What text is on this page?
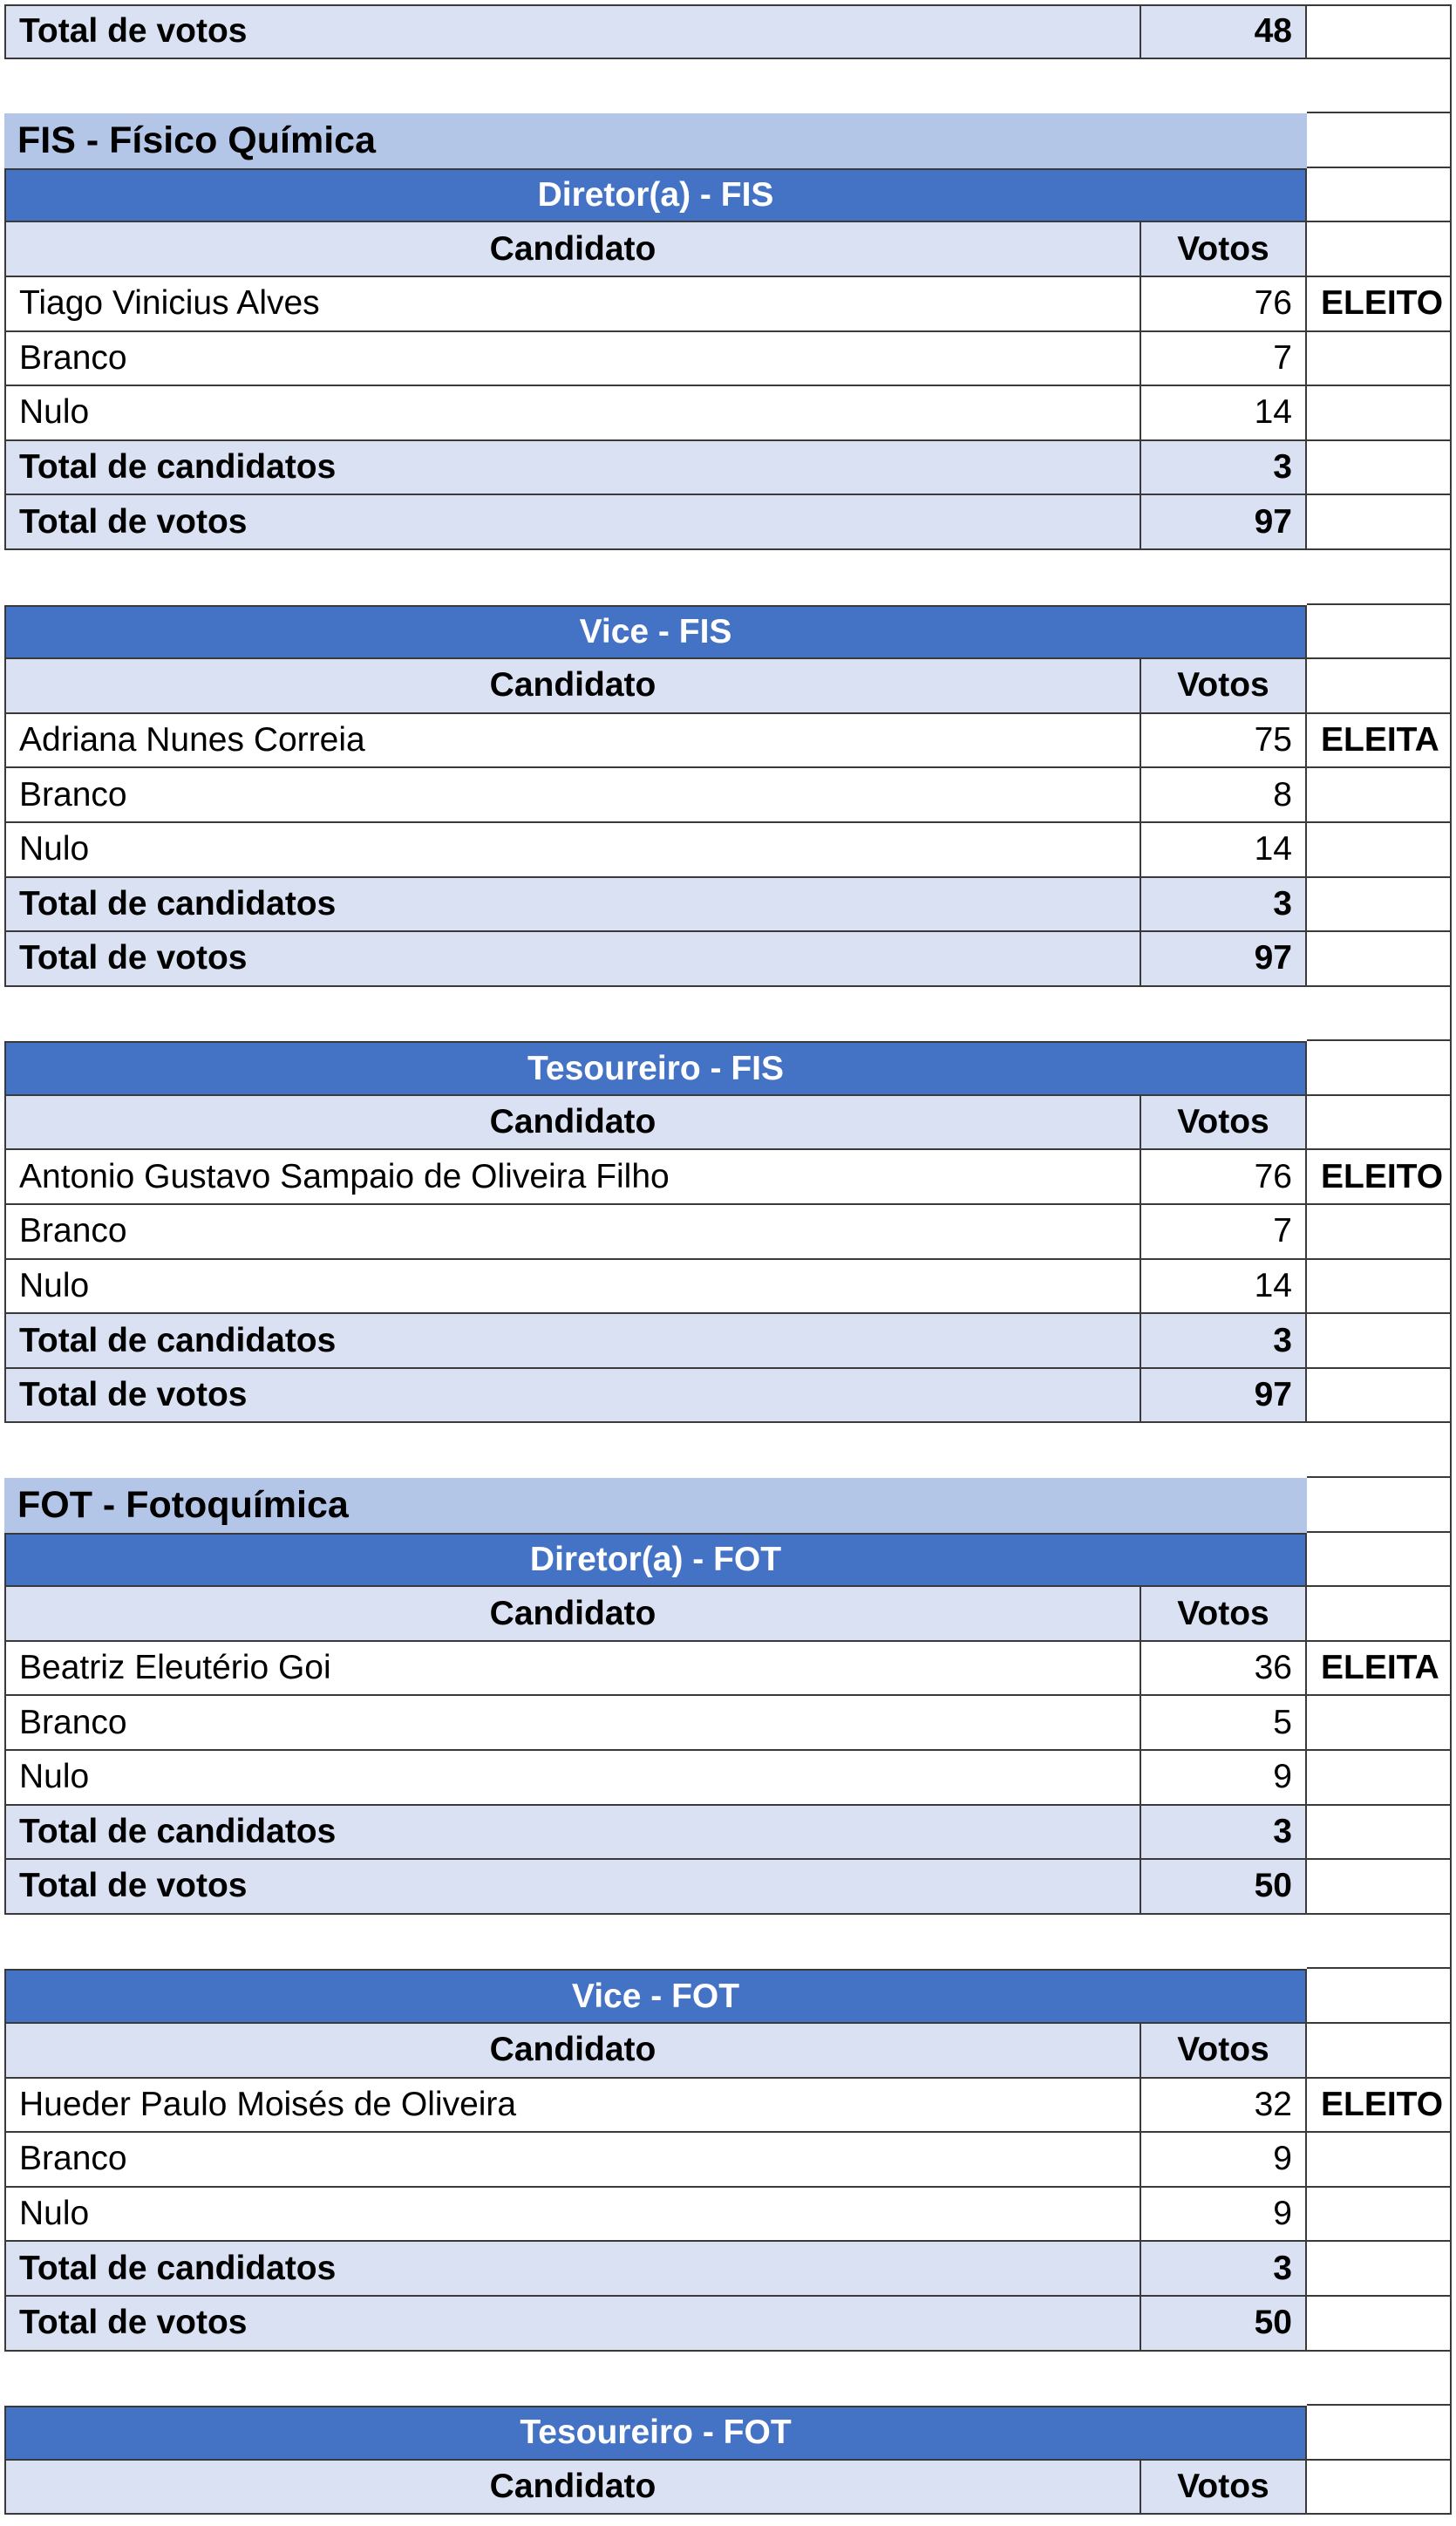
Total de votos	48
FIS - Físico Química
Diretor(a) - FIS
Candidato	Votos
Tiago Vinicius Alves	76 ELEITO
Branco	7
Nulo	14
Total de candidatos	3
Total de votos	97
Vice - FIS
Candidato	Votos
Adriana Nunes Correia	75 ELEITA
Branco	8
Nulo	14
Total de candidatos	3
Total de votos	97
Tesoureiro - FIS
Candidato	Votos
Antonio Gustavo Sampaio de Oliveira Filho	76 ELEITO
Branco	7
Nulo	14
Total de candidatos	3
Total de votos	97
FOT - Fotoquímica
Diretor(a) - FOT
Candidato	Votos
Beatriz Eleutério Goi	36 ELEITA
Branco	5
Nulo	9
Total de candidatos	3
Total de votos	50
Vice - FOT
Candidato	Votos
Hueder Paulo Moisés de Oliveira	32 ELEITO
Branco	9
Nulo	9
Total de candidatos	3
Total de votos	50
Tesoureiro - FOT
Candidato	Votos
